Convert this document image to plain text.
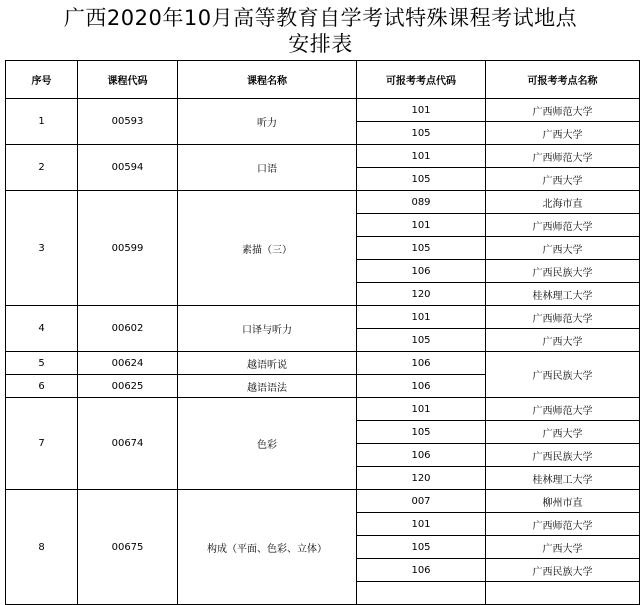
广西2020年10月高等教育自学考试特殊课程考试地点
安排表
序号	课程代码	课程名称	可报考考点代码	可报考考点名称
1	00593	听力	101	广西师范大学
			105	广西大学
2	00594	口语	101	广西师范大学
			105	广西大学
3	00599	素描（三）	089	北海市直
			101	广西师范大学
			105	广西大学
			106	广西民族大学
			120	桂林理工大学
4	00602	口译与听力	101	广西师范大学
			105	广西大学
5	00624	越语听说	106	广西民族大学
6	00625	越语语法	106	
7	00674	色彩	101	广西师范大学
			105	广西大学
			106	广西民族大学
			120	桂林理工大学
8	00675	构成（平面、色彩、立体）	007	柳州市直
			101	广西师范大学
			105	广西大学
			106	广西民族大学
